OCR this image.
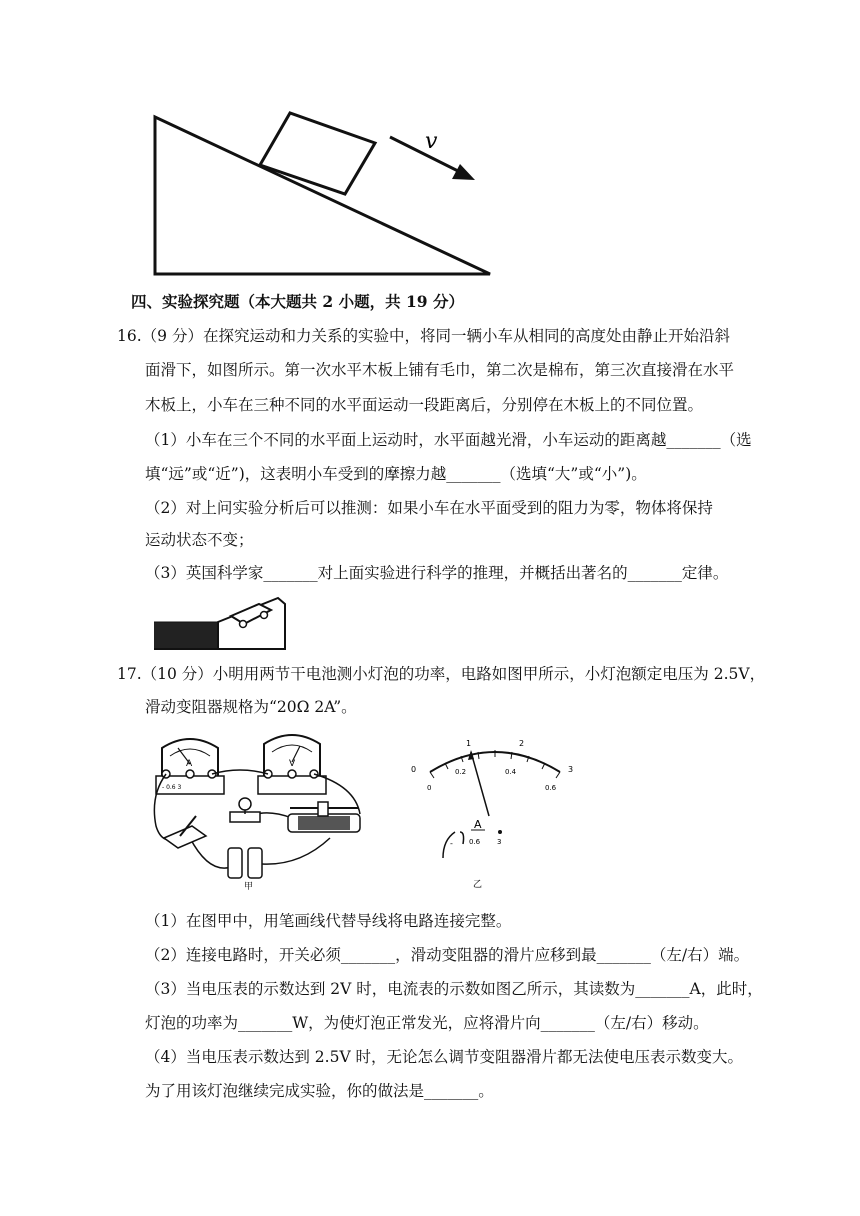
v
四、实验探究题（本大题共 2 小题，共 19 分）
16.（9 分）在探究运动和力关系的实验中，将同一辆小车从相同的高度处由静止开始沿斜
面滑下，如图所示。第一次水平木板上铺有毛巾，第二次是棉布，第三次直接滑在水平
木板上，小车在三种不同的水平面运动一段距离后，分别停在木板上的不同位置。
（1）小车在三个不同的水平面上运动时，水平面越光滑，小车运动的距离越_______（选
填“远”或“近”)，这表明小车受到的摩擦力越_______（选填“大”或“小”)。
（2）对上问实验分析后可以推测：如果小车在水平面受到的阻力为零，物体将保持
运动状态不变；
（3）英国科学家_______对上面实验进行科学的推理，并概括出著名的_______定律。
17.（10 分）小明用两节干电池测小灯泡的功率，电路如图甲所示，小灯泡额定电压为 2.5V，
滑动变阻器规格为“20Ω 2A”。
A
- 0.6 3
V
甲
0
1	2
3
0
0.2	0.4
0.6
A
- 0.6 3
乙
（1）在图甲中，用笔画线代替导线将电路连接完整。
（2）连接电路时，开关必须_______，滑动变阻器的滑片应移到最_______（左/右）端。
（3）当电压表的示数达到 2V 时，电流表的示数如图乙所示，其读数为_______A，此时，
灯泡的功率为_______W，为使灯泡正常发光，应将滑片向_______（左/右）移动。
（4）当电压表示数达到 2.5V 时，无论怎么调节变阻器滑片都无法使电压表示数变大。
为了用该灯泡继续完成实验，你的做法是_______。
